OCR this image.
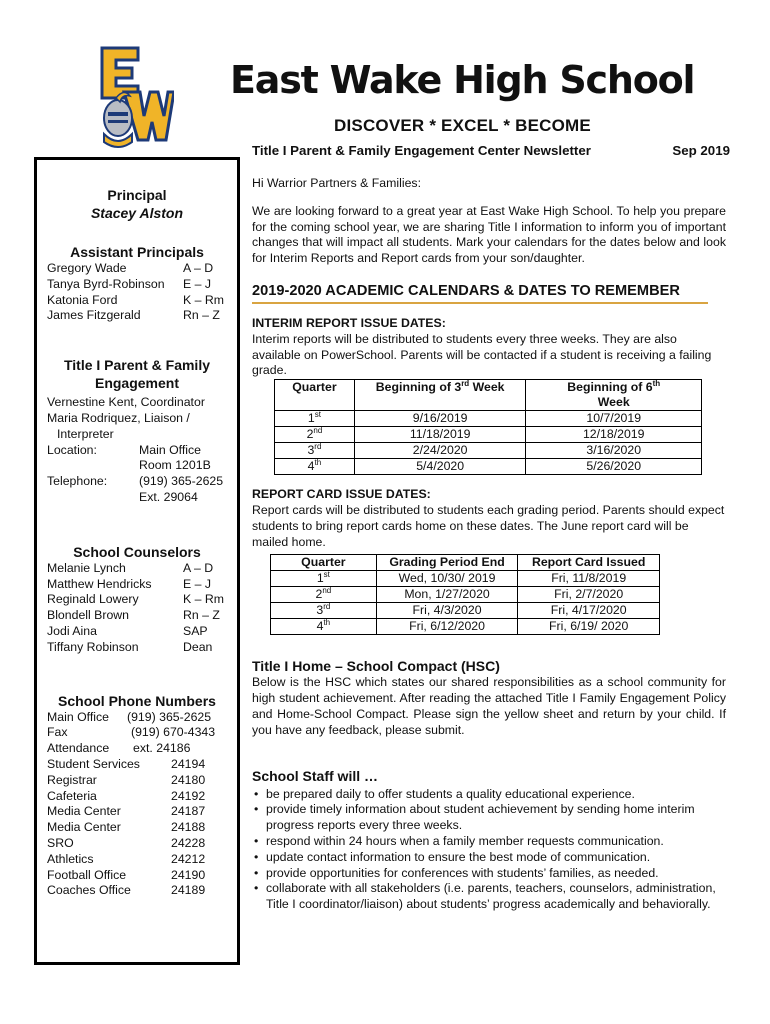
East Wake High School
DISCOVER * EXCEL * BECOME
Title I Parent & Family Engagement Center Newsletter	Sep 2019
Principal
Stacey Alston
Assistant Principals
Gregory Wade	A – D
Tanya Byrd-Robinson	E – J
Katonia Ford	K – Rm
James Fitzgerald	Rn – Z
Title I Parent & Family
Engagement
Vernestine Kent, Coordinator
Maria Rodriquez, Liaison /
Interpreter
Location:	Main Office
Room 1201B
Telephone:	(919) 365-2625
Ext. 29064
School Counselors
Melanie Lynch	A – D
Matthew Hendricks	E – J
Reginald Lowery	K – Rm
Blondell Brown	Rn – Z
Jodi Aina	SAP
Tiffany Robinson	Dean
School Phone Numbers
Main Office	(919) 365-2625
Fax	(919) 670-4343
Attendance	ext. 24186
Student Services	24194
Registrar	24180
Cafeteria	24192
Media Center	24187
Media Center	24188
SRO	24228
Athletics	24212
Football Office	24190
Coaches Office	24189
Hi Warrior Partners & Families:
We are looking forward to a great year at East Wake High School. To help you prepare for the coming school year, we are sharing Title I information to inform you of important changes that will impact all students. Mark your calendars for the dates below and look for Interim Reports and Report cards from your son/daughter.
2019-2020 ACADEMIC CALENDARS & DATES TO REMEMBER
INTERIM REPORT ISSUE DATES:
Interim reports will be distributed to students every three weeks. They are also available on PowerSchool. Parents will be contacted if a student is receiving a failing grade.
Quarter	Beginning of 3rd Week	Beginning of 6th
Week
1st	9/16/2019	10/7/2019
2nd	11/18/2019	12/18/2019
3rd	2/24/2020	3/16/2020
4th	5/4/2020	5/26/2020
REPORT CARD ISSUE DATES:
Report cards will be distributed to students each grading period. Parents should expect students to bring report cards home on these dates. The June report card will be mailed home.
Quarter	Grading Period End	Report Card Issued
1st	Wed, 10/30/ 2019	Fri, 11/8/2019
2nd	Mon, 1/27/2020	Fri, 2/7/2020
3rd	Fri, 4/3/2020	Fri, 4/17/2020
4th	Fri, 6/12/2020	Fri, 6/19/ 2020
Title I Home – School Compact (HSC)
Below is the HSC which states our shared responsibilities as a school community for high student achievement. After reading the attached Title I Family Engagement Policy and Home-School Compact. Please sign the yellow sheet and return by your child. If you have any feedback, please submit.
School Staff will …
• be prepared daily to offer students a quality educational experience.
• provide timely information about student achievement by sending home interim progress reports every three weeks.
• respond within 24 hours when a family member requests communication.
• update contact information to ensure the best mode of communication.
• provide opportunities for conferences with students’ families, as needed.
• collaborate with all stakeholders (i.e. parents, teachers, counselors, administration, Title I coordinator/liaison) about students’ progress academically and behaviorally.
